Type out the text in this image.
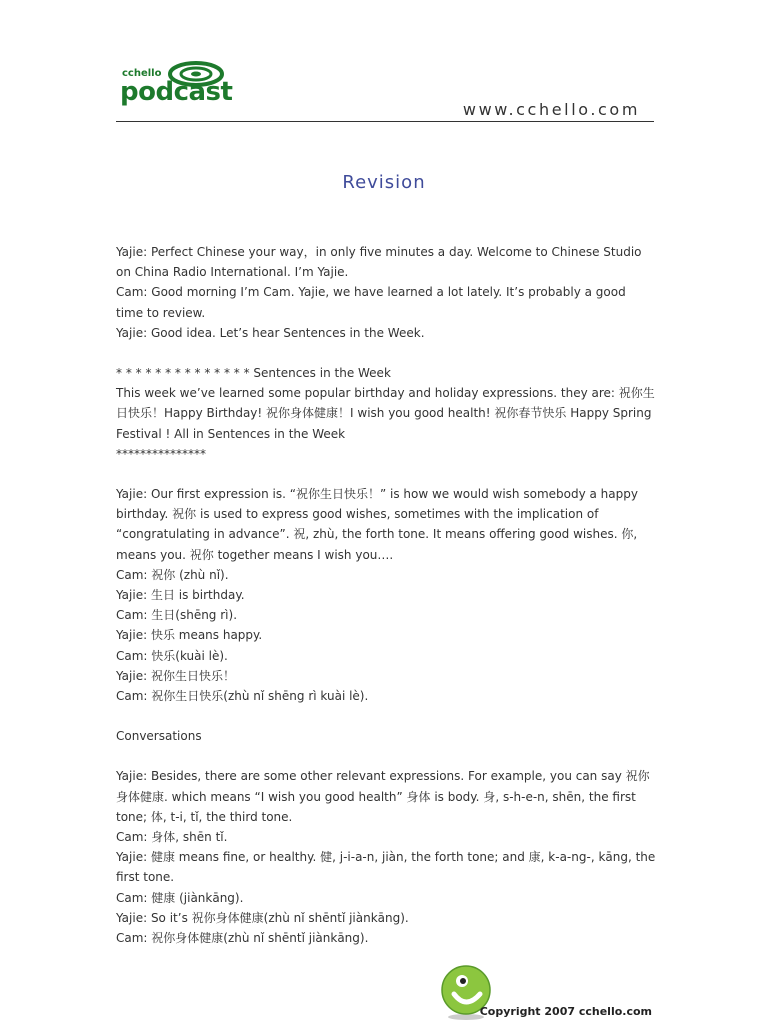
cchello
podcast
www.cchello.com
Revision

Yajie: Perfect Chinese your way，in only five minutes a day. Welcome to Chinese Studio on China Radio International. I’m Yajie.

Cam: Good morning I’m Cam. Yajie, we have learned a lot lately. It’s probably a good time to review.

Yajie: Good idea. Let’s hear Sentences in the Week.

* * * * * * * * * * * * * * Sentences in the Week

This week we’ve learned some popular birthday and holiday expressions. they are: 祝你生日快乐！Happy Birthday! 祝你身体健康！I wish you good health! 祝你春节快乐 Happy Spring Festival ! All in Sentences in the Week

***************

Yajie: Our first expression is. “祝你生日快乐！” is how we would wish somebody a happy birthday. 祝你 is used to express good wishes, sometimes with the implication of “congratulating in advance”. 祝, zhù, the forth tone. It means offering good wishes. 你, means you. 祝你 together means I wish you….

Cam: 祝你 (zhù nǐ).

Yajie: 生日 is birthday.

Cam: 生日(shēng rì).

Yajie: 快乐 means happy.

Cam: 快乐(kuài lè).

Yajie: 祝你生日快乐！

Cam: 祝你生日快乐(zhù nǐ shēng rì kuài lè).

Conversations

Yajie: Besides, there are some other relevant expressions. For example, you can say 祝你身体健康. which means “I wish you good health” 身体 is body. 身, s-h-e-n, shēn, the first tone; 体, t-i, tǐ, the third tone.

Cam: 身体, shēn tǐ.

Yajie: 健康 means fine, or healthy. 健, j-i-a-n, jiàn, the forth tone; and 康, k-a-ng-, kāng, the first tone.

Cam: 健康 (jiànkāng).

Yajie: So it’s 祝你身体健康(zhù nǐ shēntǐ jiànkāng).

Cam: 祝你身体健康(zhù nǐ shēntǐ jiànkāng).

Copyright 2007 cchello.com
